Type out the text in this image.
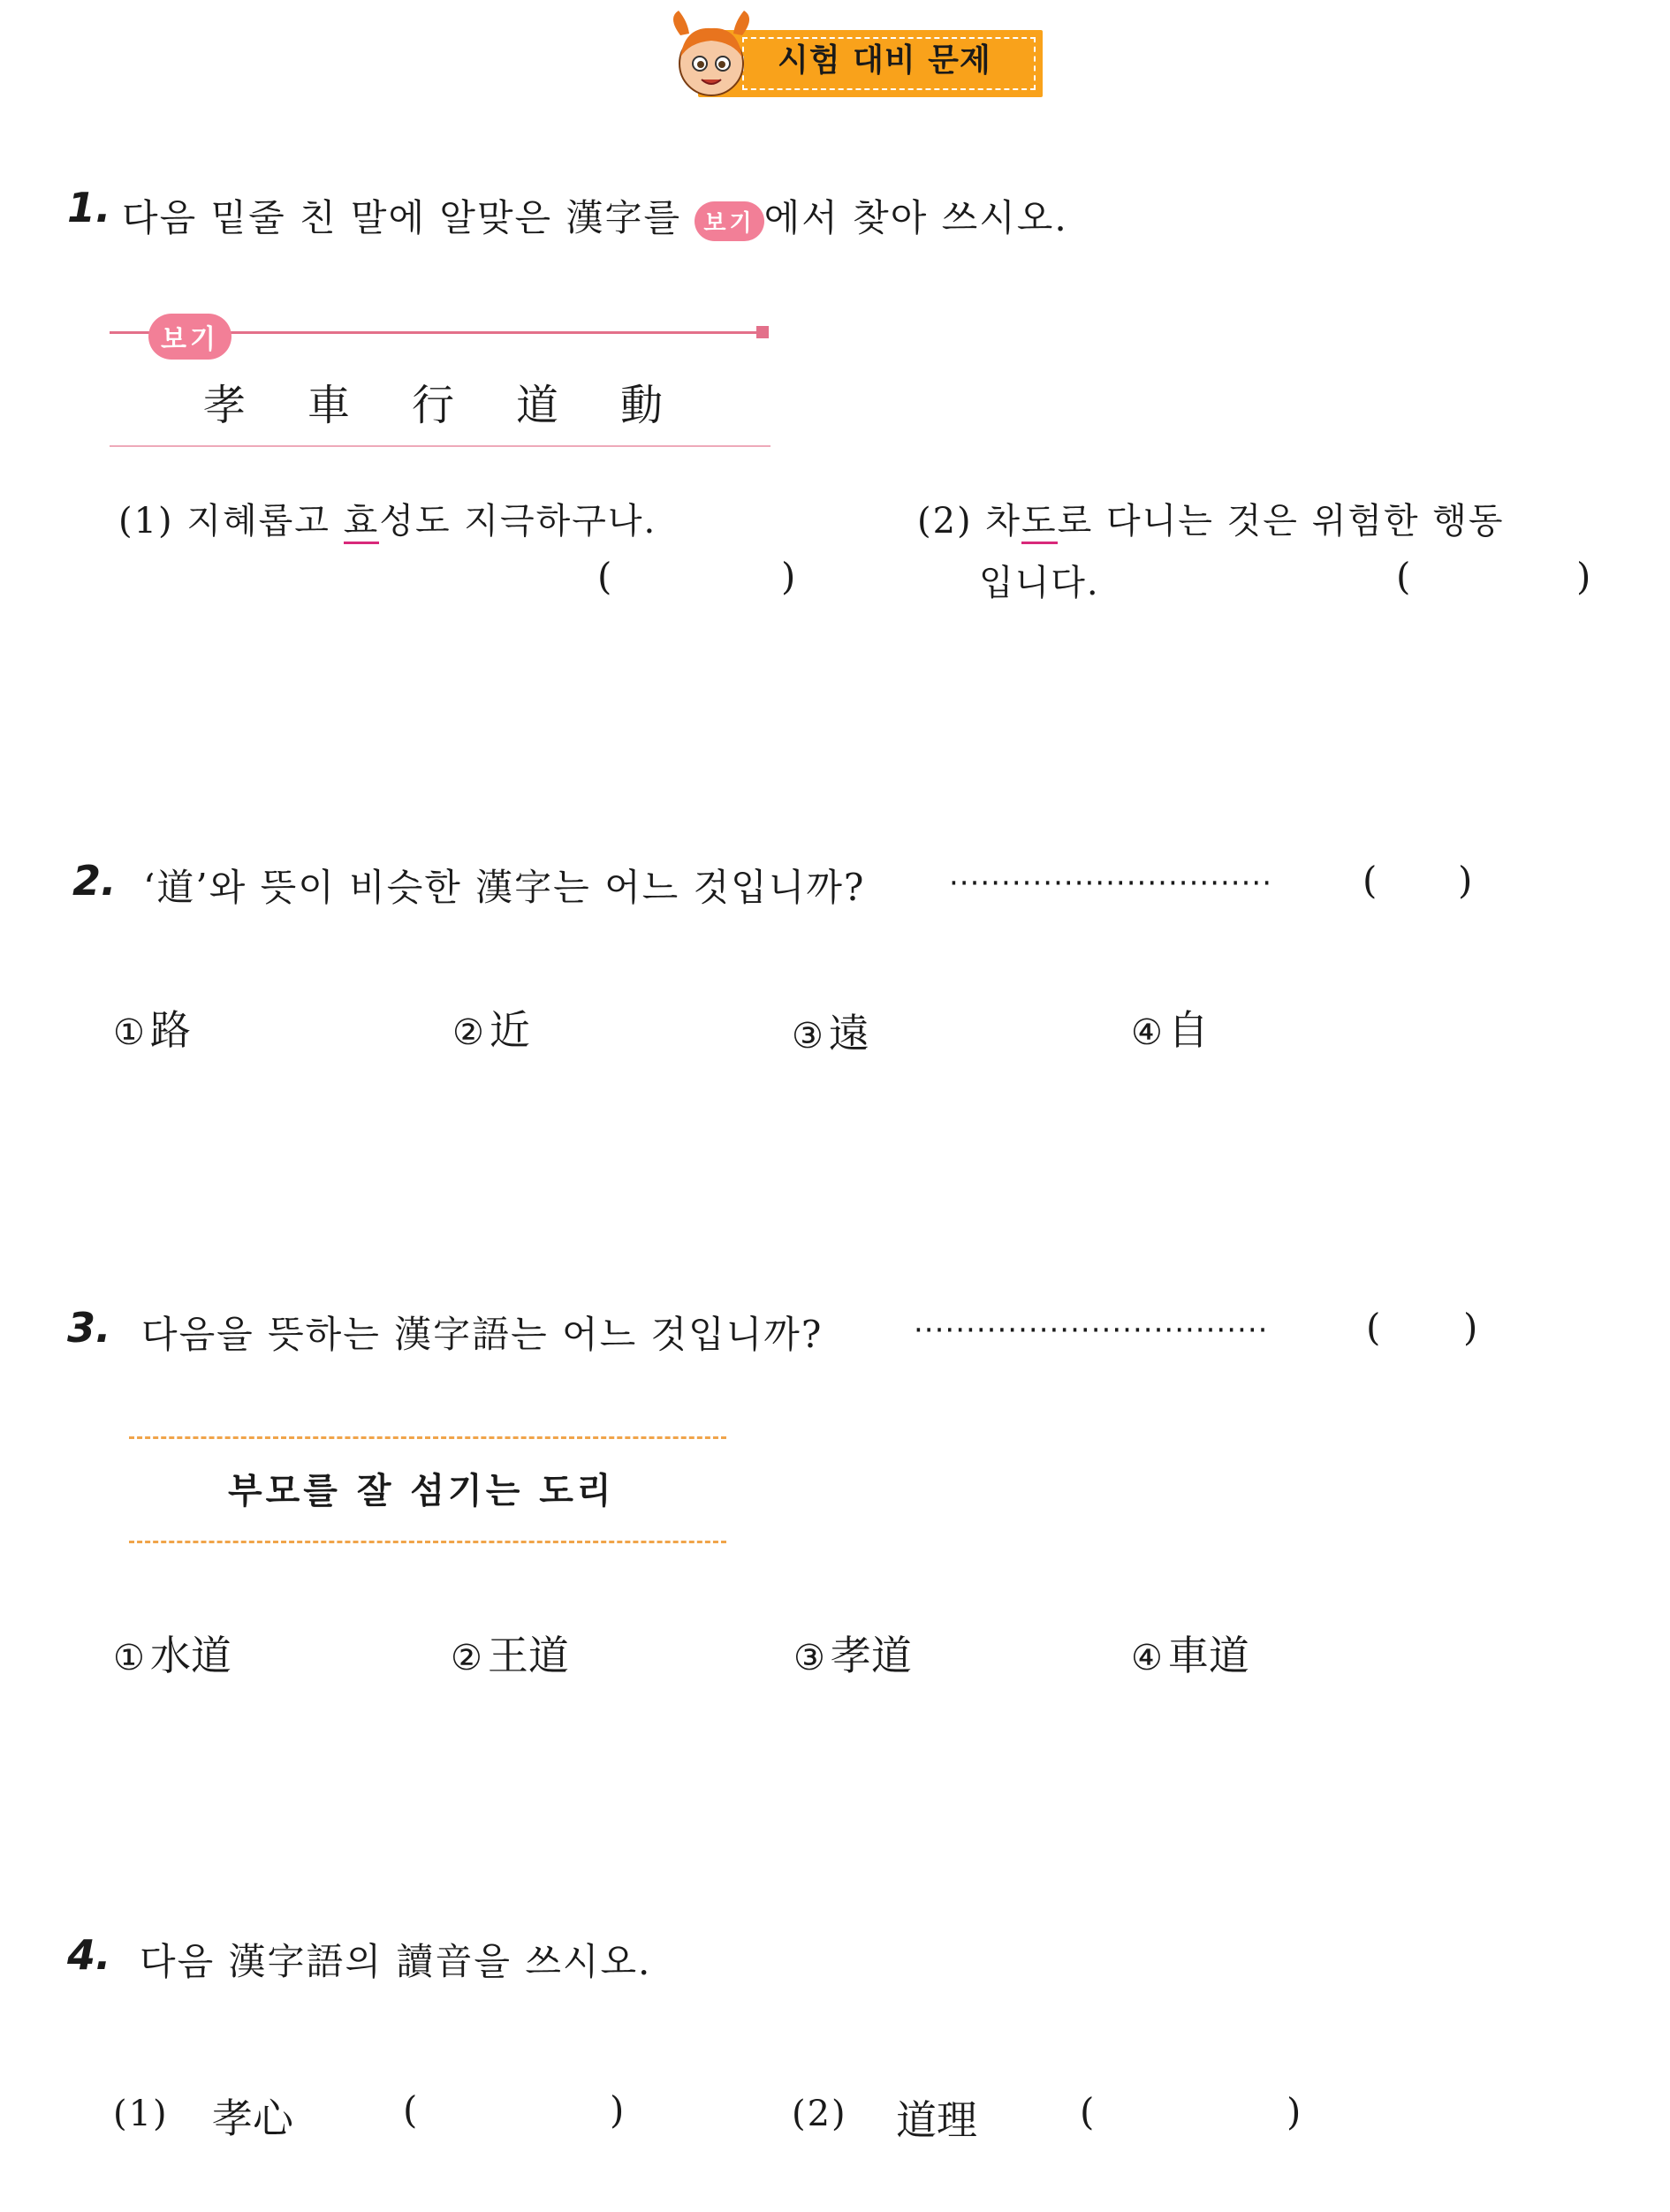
시험 대비 문제
1. 다음 밑줄 친 말에 알맞은 漢字를 보기 에서 찾아 쓰시오.
보기
孝 車 行 道 動
(1) 지혜롭고 효성도 지극하구나.
(	)
(2) 차도로 다니는 것은 위험한 행동
입니다.	(	)
2. ‘道’와 뜻이 비슷한 漢字는 어느 것입니까?	······························· ( )
① 路	② 近	③ 遠	④ 自
3. 다음을 뜻하는 漢字語는 어느 것입니까?	··································	( )
부모를 잘 섬기는 도리
① 水道	② 王道	③ 孝道	④ 車道
4. 다음 漢字語의 讀音을 쓰시오.
(1) 孝心	(	)	(2) 道理	(	)
